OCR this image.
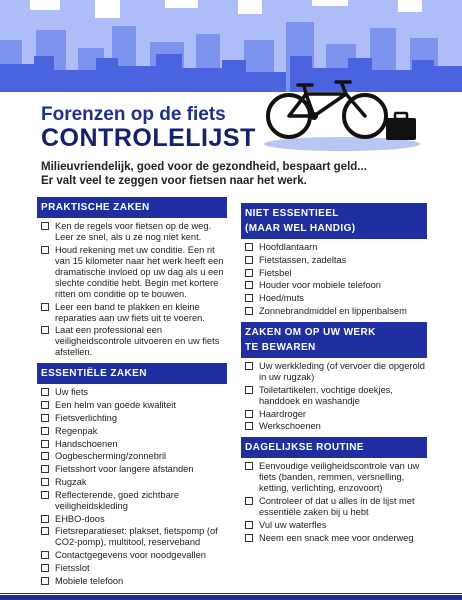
Forenzen op de fiets
CONTROLELIJST
Milieuvriendelijk, goed voor de gezondheid, bespaart geld...
Er valt veel te zeggen voor fietsen naar het werk.
PRAKTISCHE ZAKEN
Ken de regels voor fietsen op de weg. Leer ze snel, als u ze nog niet kent.
Houd rekening met uw conditie. Een rit van 15 kilometer naar het werk heeft een dramatische invloed op uw dag als u een slechte conditie hebt. Begin met kortere ritten om conditie op te bouwen.
Leer een band te plakken en kleine reparaties aan uw fiets uit te voeren.
Laat een professional een veiligheidscontrole uitvoeren en uw fiets afstellen.
ESSENTIËLE ZAKEN
Uw fiets
Een helm van goede kwaliteit
Fietsverlichting
Regenpak
Handschoenen
Oogbescherming/zonnebril
Fietsshort voor langere afstanden
Rugzak
Reflecterende, goed zichtbare veiligheidskleding
EHBO-doos
Fietsreparatieset: plakset, fietspomp (of CO2-pomp), multitool, reserveband
Contactgegevens voor noodgevallen
Fietsslot
Mobiele telefoon
NIET ESSENTIEEL
(MAAR WEL HANDIG)
Hoofdlantaarn
Fietstassen, zadeltas
Fietsbel
Houder voor mobiele telefoon
Hoed/muts
Zonnebrandmiddel en lippenbalsem
ZAKEN OM OP UW WERK
TE BEWAREN
Uw werkkleding (of vervoer die opgerold in uw rugzak)
Toiletartikelen, vochtige doekjes, handdoek en washandje
Haardroger
Werkschoenen
DAGELIJKSE ROUTINE
Eenvoudige veiligheidscontrole van uw fiets (banden, remmen, versnelling, ketting, verlichting, enzovoort)
Controleer of dat u alles in de lijst met essentiële zaken bij u hebt
Vul uw waterfles
Neem een snack mee voor onderweg
